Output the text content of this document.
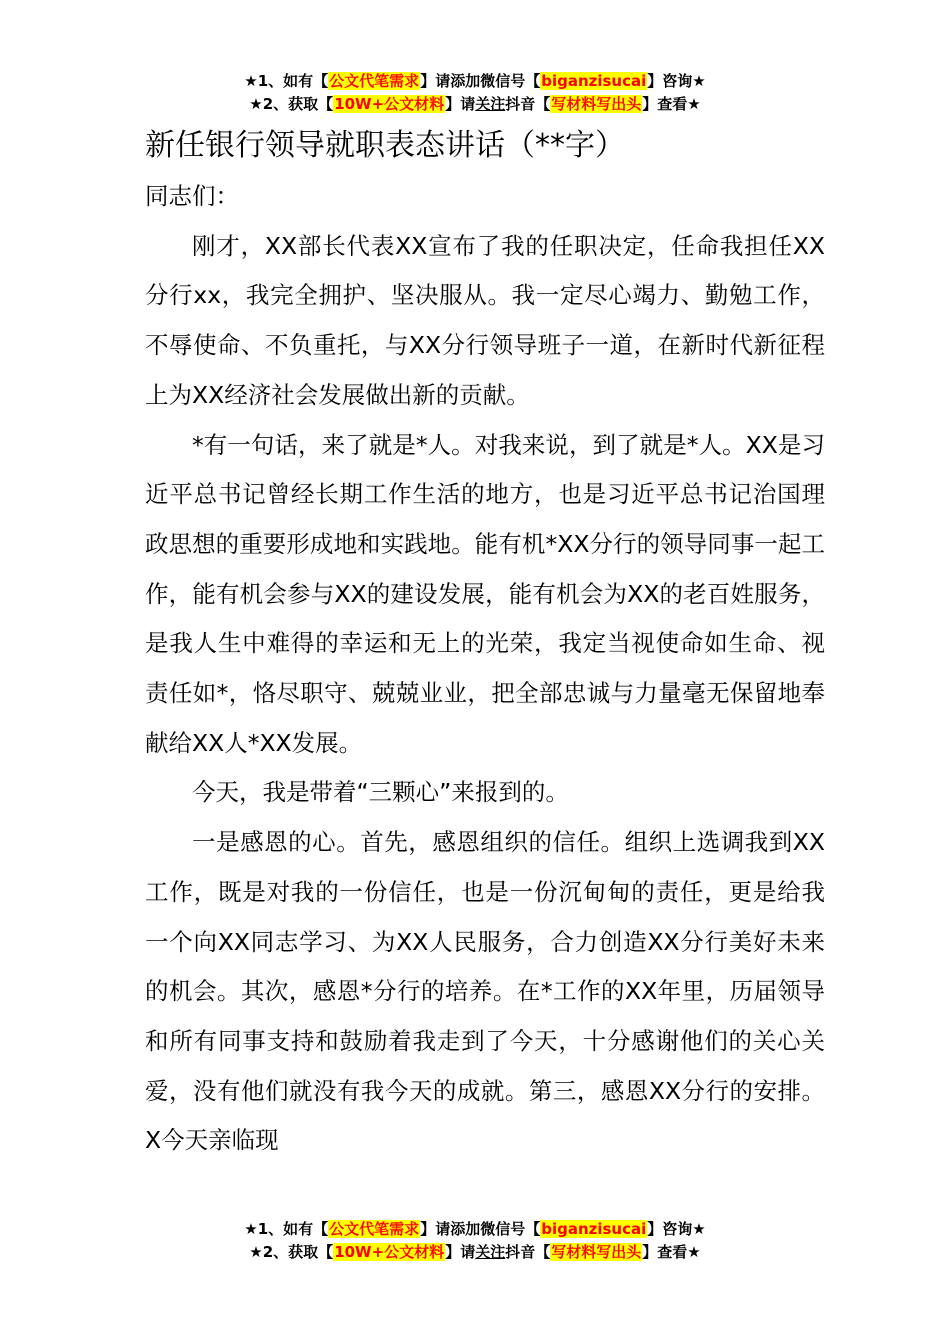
★1、如有【公文代笔需求】请添加微信号【biganzisucai】咨询★
★2、获取【10W+公文材料】请关注抖音【写材料写出头】查看★
新任银行领导就职表态讲话（**字）

同志们：

刚才，XX部长代表XX宣布了我的任职决定，任命我担任XX分行xx，我完全拥护、坚决服从。我一定尽心竭力、勤勉工作，不辱使命、不负重托，与XX分行领导班子一道，在新时代新征程上为XX经济社会发展做出新的贡献。

*有一句话，来了就是*人。对我来说，到了就是*人。XX是习近平总书记曾经长期工作生活的地方，也是习近平总书记治国理政思想的重要形成地和实践地。能有机*XX分行的领导同事一起工作，能有机会参与XX的建设发展，能有机会为XX的老百姓服务，是我人生中难得的幸运和无上的光荣，我定当视使命如生命、视责任如*，恪尽职守、兢兢业业，把全部忠诚与力量毫无保留地奉献给XX人*XX发展。

今天，我是带着“三颗心”来报到的。

一是感恩的心。首先，感恩组织的信任。组织上选调我到XX工作，既是对我的一份信任，也是一份沉甸甸的责任，更是给我一个向XX同志学习、为XX人民服务，合力创造XX分行美好未来的机会。其次，感恩*分行的培养。在*工作的XX年里，历届领导和所有同事支持和鼓励着我走到了今天，十分感谢他们的关心关爱，没有他们就没有我今天的成就。第三，感恩XX分行的安排。X今天亲临现

★1、如有【公文代笔需求】请添加微信号【biganzisucai】咨询★
★2、获取【10W+公文材料】请关注抖音【写材料写出头】查看★
